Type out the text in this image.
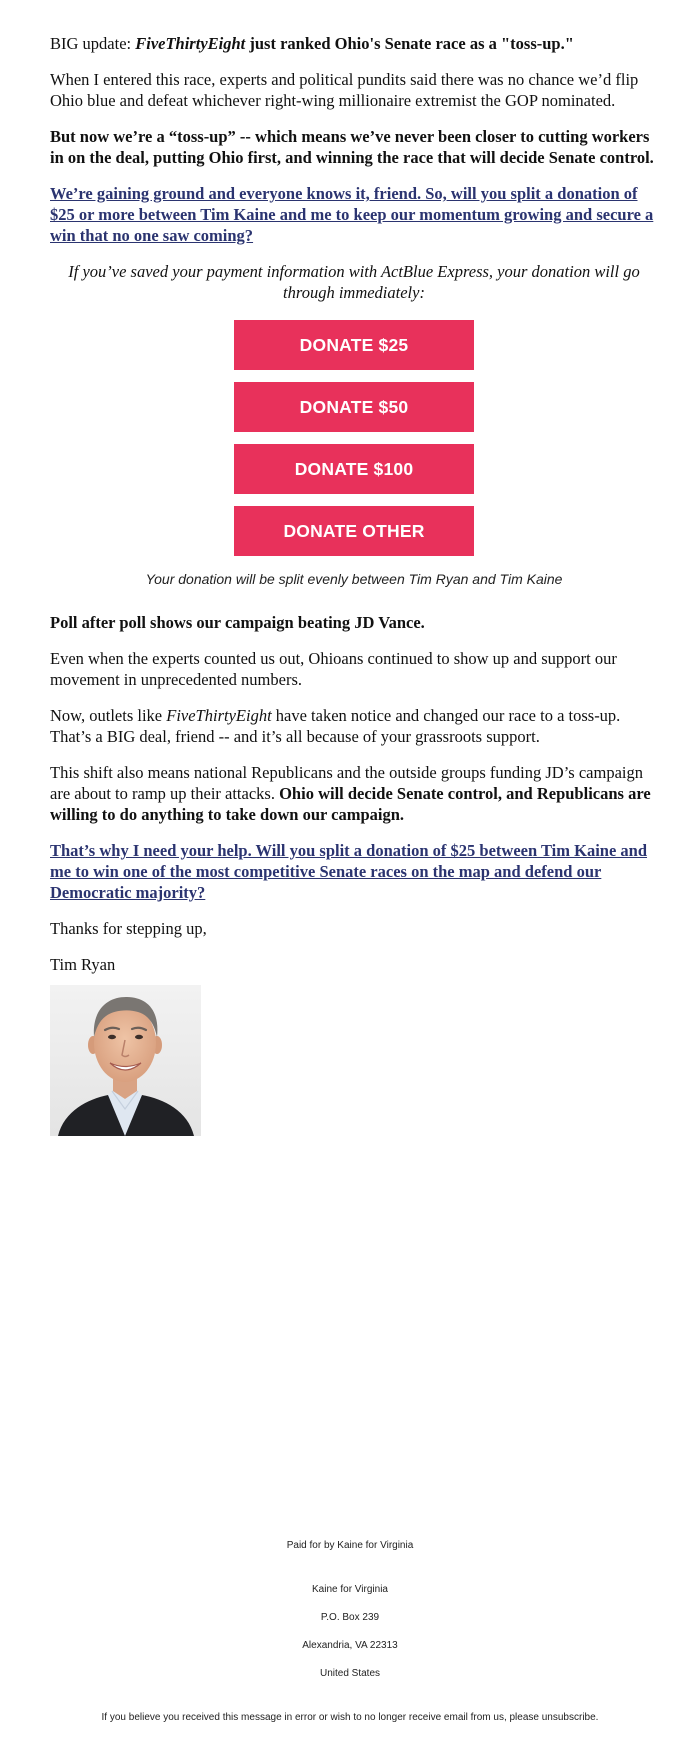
BIG update: FiveThirtyEight just ranked Ohio's Senate race as a "toss-up."

When I entered this race, experts and political pundits said there was no chance we’d flip Ohio blue and defeat whichever right-wing millionaire extremist the GOP nominated.

But now we’re a “toss-up” -- which means we’ve never been closer to cutting workers in on the deal, putting Ohio first, and winning the race that will decide Senate control.

We’re gaining ground and everyone knows it, friend. So, will you split a donation of $25 or more between Tim Kaine and me to keep our momentum growing and secure a win that no one saw coming?

If you’ve saved your payment information with ActBlue Express, your donation will go through immediately:

DONATE $25
DONATE $50
DONATE $100
DONATE OTHER
Your donation will be split evenly between Tim Ryan and Tim Kaine

Poll after poll shows our campaign beating JD Vance.

Even when the experts counted us out, Ohioans continued to show up and support our movement in unprecedented numbers.

Now, outlets like FiveThirtyEight have taken notice and changed our race to a toss-up. That’s a BIG deal, friend -- and it’s all because of your grassroots support.

This shift also means national Republicans and the outside groups funding JD’s campaign are about to ramp up their attacks. Ohio will decide Senate control, and Republicans are willing to do anything to take down our campaign.

That’s why I need your help. Will you split a donation of $25 between Tim Kaine and me to win one of the most competitive Senate races on the map and defend our Democratic majority?

Thanks for stepping up,

Tim Ryan

Paid for by Kaine for Virginia

Kaine for Virginia

P.O. Box 239

Alexandria, VA 22313

United States

If you believe you received this message in error or wish to no longer receive email from us, please unsubscribe.
